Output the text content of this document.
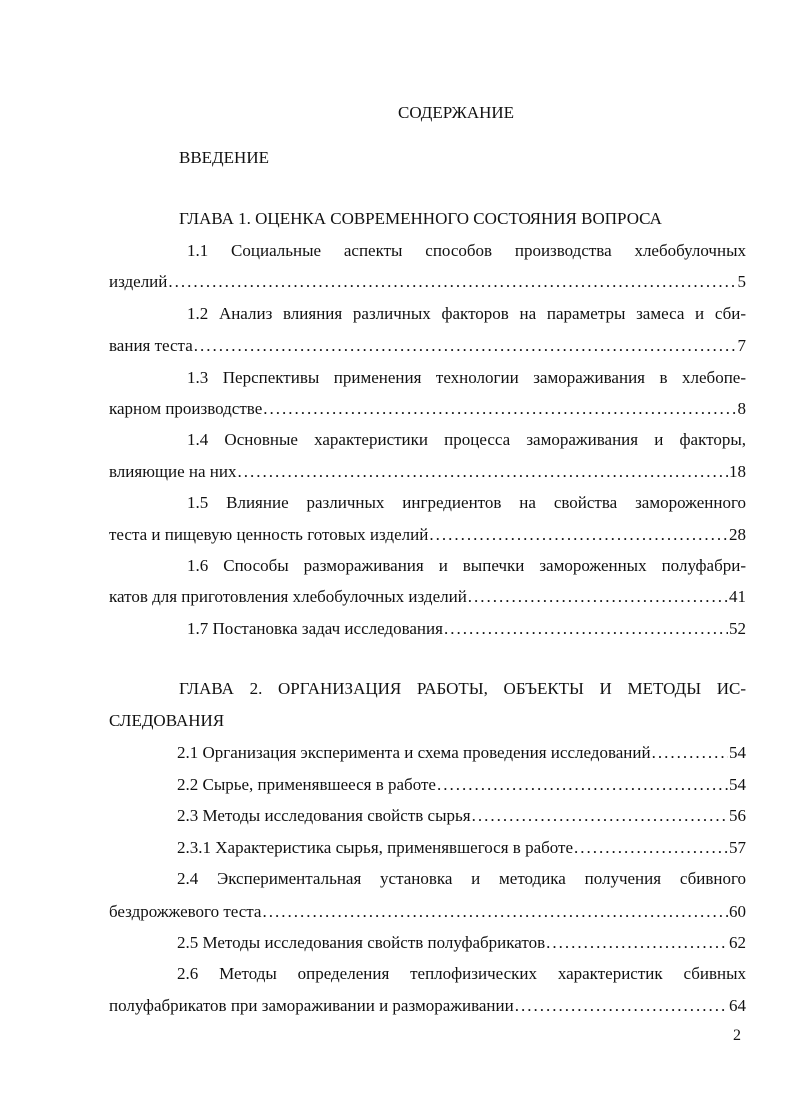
СОДЕРЖАНИЕ
ВВЕДЕНИЕ
ГЛАВА 1. ОЦЕНКА СОВРЕМЕННОГО СОСТОЯНИЯ ВОПРОСА
1.1 Социальные аспекты способов производства хлебобулочных
изделий .....	5
1.2 Анализ влияния различных факторов на параметры замеса и сби-
вания теста .....	7
1.3 Перспективы применения технологии замораживания в хлебопе-
карном производстве .....	8
1.4 Основные характеристики процесса замораживания и факторы,
влияющие на них .....	18
1.5 Влияние различных ингредиентов на свойства замороженного
теста и пищевую ценность готовых изделий .....	28
1.6 Способы размораживания и выпечки замороженных полуфабри-
катов для приготовления хлебобулочных изделий .....	41
1.7 Постановка задач исследования .....	52
ГЛАВА 2. ОРГАНИЗАЦИЯ РАБОТЫ, ОБЪЕКТЫ И МЕТОДЫ ИС-
СЛЕДОВАНИЯ
2.1 Организация эксперимента и схема проведения исследований .....	54
2.2 Сырье, применявшееся в работе .....	54
2.3 Методы исследования свойств сырья .....	56
2.3.1 Характеристика сырья, применявшегося в работе .....	57
2.4 Экспериментальная установка и методика получения сбивного
бездрожжевого теста .....	60
2.5 Методы исследования свойств полуфабрикатов .....	62
2.6 Методы определения теплофизических характеристик сбивных
полуфабрикатов при замораживании и размораживании .....	64
2
